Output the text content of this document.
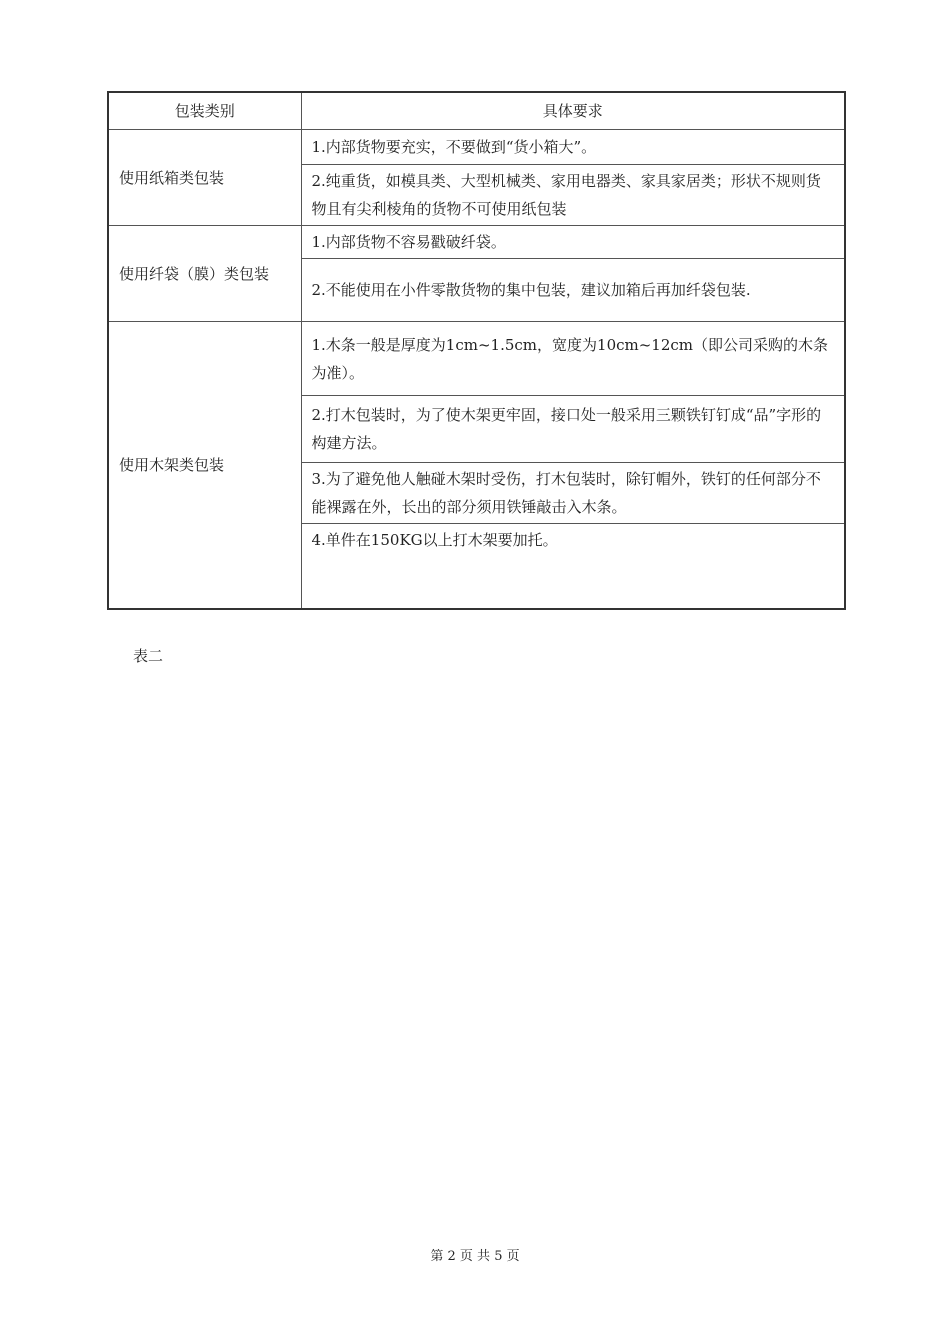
包装类别	具体要求
使用纸箱类包装	1.内部货物要充实，不要做到“货小箱大”。
	2.纯重货，如模具类、大型机械类、家用电器类、家具家居类；形状不规则货物且有尖利棱角的货物不可使用纸包装
使用纤袋（膜）类包装	1.内部货物不容易戳破纤袋。
	2.不能使用在小件零散货物的集中包装，建议加箱后再加纤袋包装.
使用木架类包装	1.木条一般是厚度为1cm~1.5cm，宽度为10cm~12cm（即公司采购的木条为准）。
	2.打木包装时，为了使木架更牢固，接口处一般采用三颗铁钉钉成“品”字形的构建方法。
	3.为了避免他人触碰木架时受伤，打木包装时，除钉帽外，铁钉的任何部分不能裸露在外，长出的部分须用铁锤敲击入木条。
	4.单件在150KG以上打木架要加托。
表二
第 2 页 共 5 页
